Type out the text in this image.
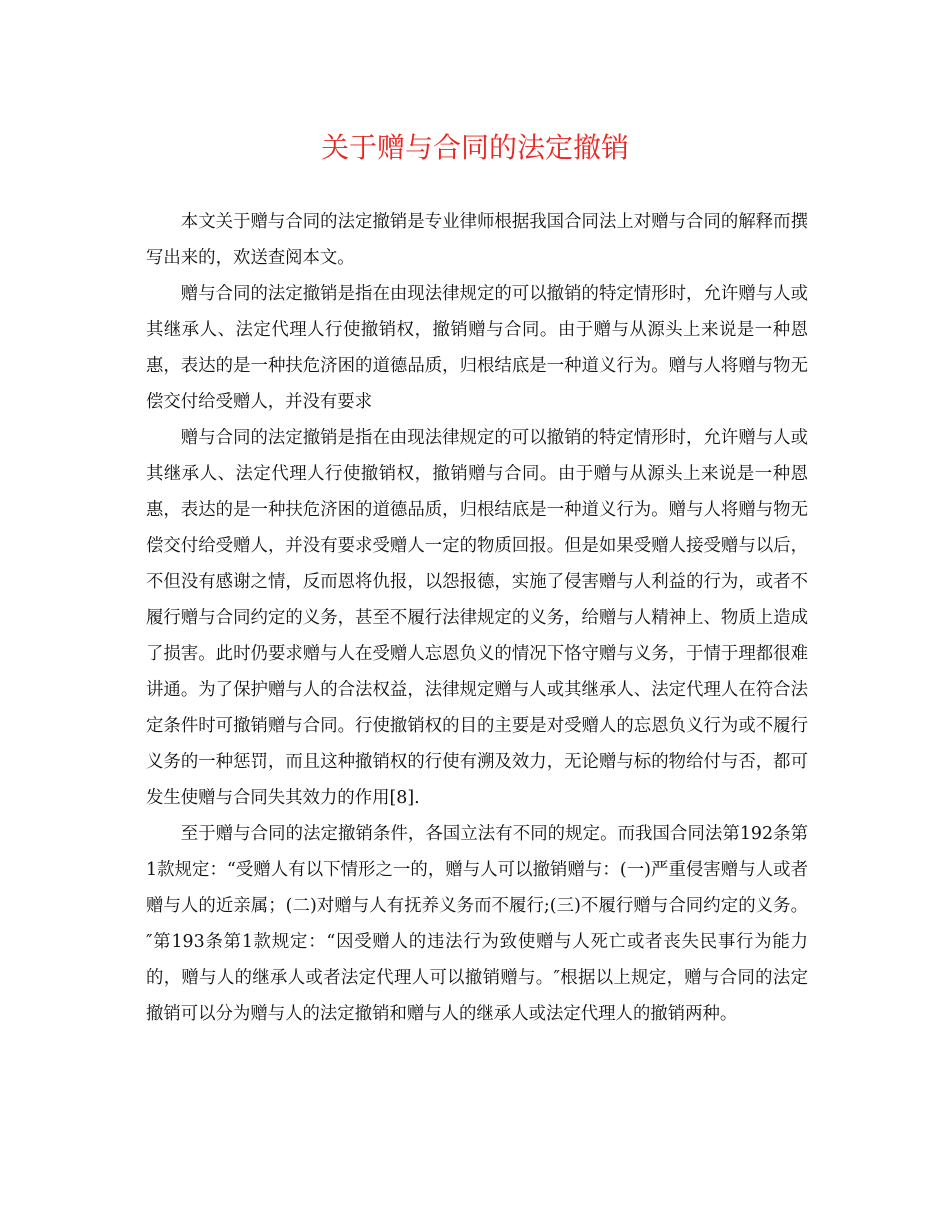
关于赠与合同的法定撤销

本文关于赠与合同的法定撤销是专业律师根据我国合同法上对赠与合同的解释而撰写出来的，欢送查阅本文。

赠与合同的法定撤销是指在由现法律规定的可以撤销的特定情形时，允许赠与人或其继承人、法定代理人行使撤销权，撤销赠与合同。由于赠与从源头上来说是一种恩惠，表达的是一种扶危济困的道德品质，归根结底是一种道义行为。赠与人将赠与物无偿交付给受赠人，并没有要求

赠与合同的法定撤销是指在由现法律规定的可以撤销的特定情形时，允许赠与人或其继承人、法定代理人行使撤销权，撤销赠与合同。由于赠与从源头上来说是一种恩惠，表达的是一种扶危济困的道德品质，归根结底是一种道义行为。赠与人将赠与物无偿交付给受赠人，并没有要求受赠人一定的物质回报。但是如果受赠人接受赠与以后，不但没有感谢之情，反而恩将仇报，以怨报德，实施了侵害赠与人利益的行为，或者不履行赠与合同约定的义务，甚至不履行法律规定的义务，给赠与人精神上、物质上造成了损害。此时仍要求赠与人在受赠人忘恩负义的情况下恪守赠与义务，于情于理都很难讲通。为了保护赠与人的合法权益，法律规定赠与人或其继承人、法定代理人在符合法定条件时可撤销赠与合同。行使撤销权的目的主要是对受赠人的忘恩负义行为或不履行义务的一种惩罚，而且这种撤销权的行使有溯及效力，无论赠与标的物给付与否，都可发生使赠与合同失其效力的作用[8].

至于赠与合同的法定撤销条件，各国立法有不同的规定。而我国合同法第192条第1款规定：“受赠人有以下情形之一的，赠与人可以撤销赠与：(一)严重侵害赠与人或者赠与人的近亲属；(二)对赠与人有抚养义务而不履行;(三)不履行赠与合同约定的义务。″第193条第1款规定：“因受赠人的违法行为致使赠与人死亡或者丧失民事行为能力的，赠与人的继承人或者法定代理人可以撤销赠与。″根据以上规定，赠与合同的法定撤销可以分为赠与人的法定撤销和赠与人的继承人或法定代理人的撤销两种。
